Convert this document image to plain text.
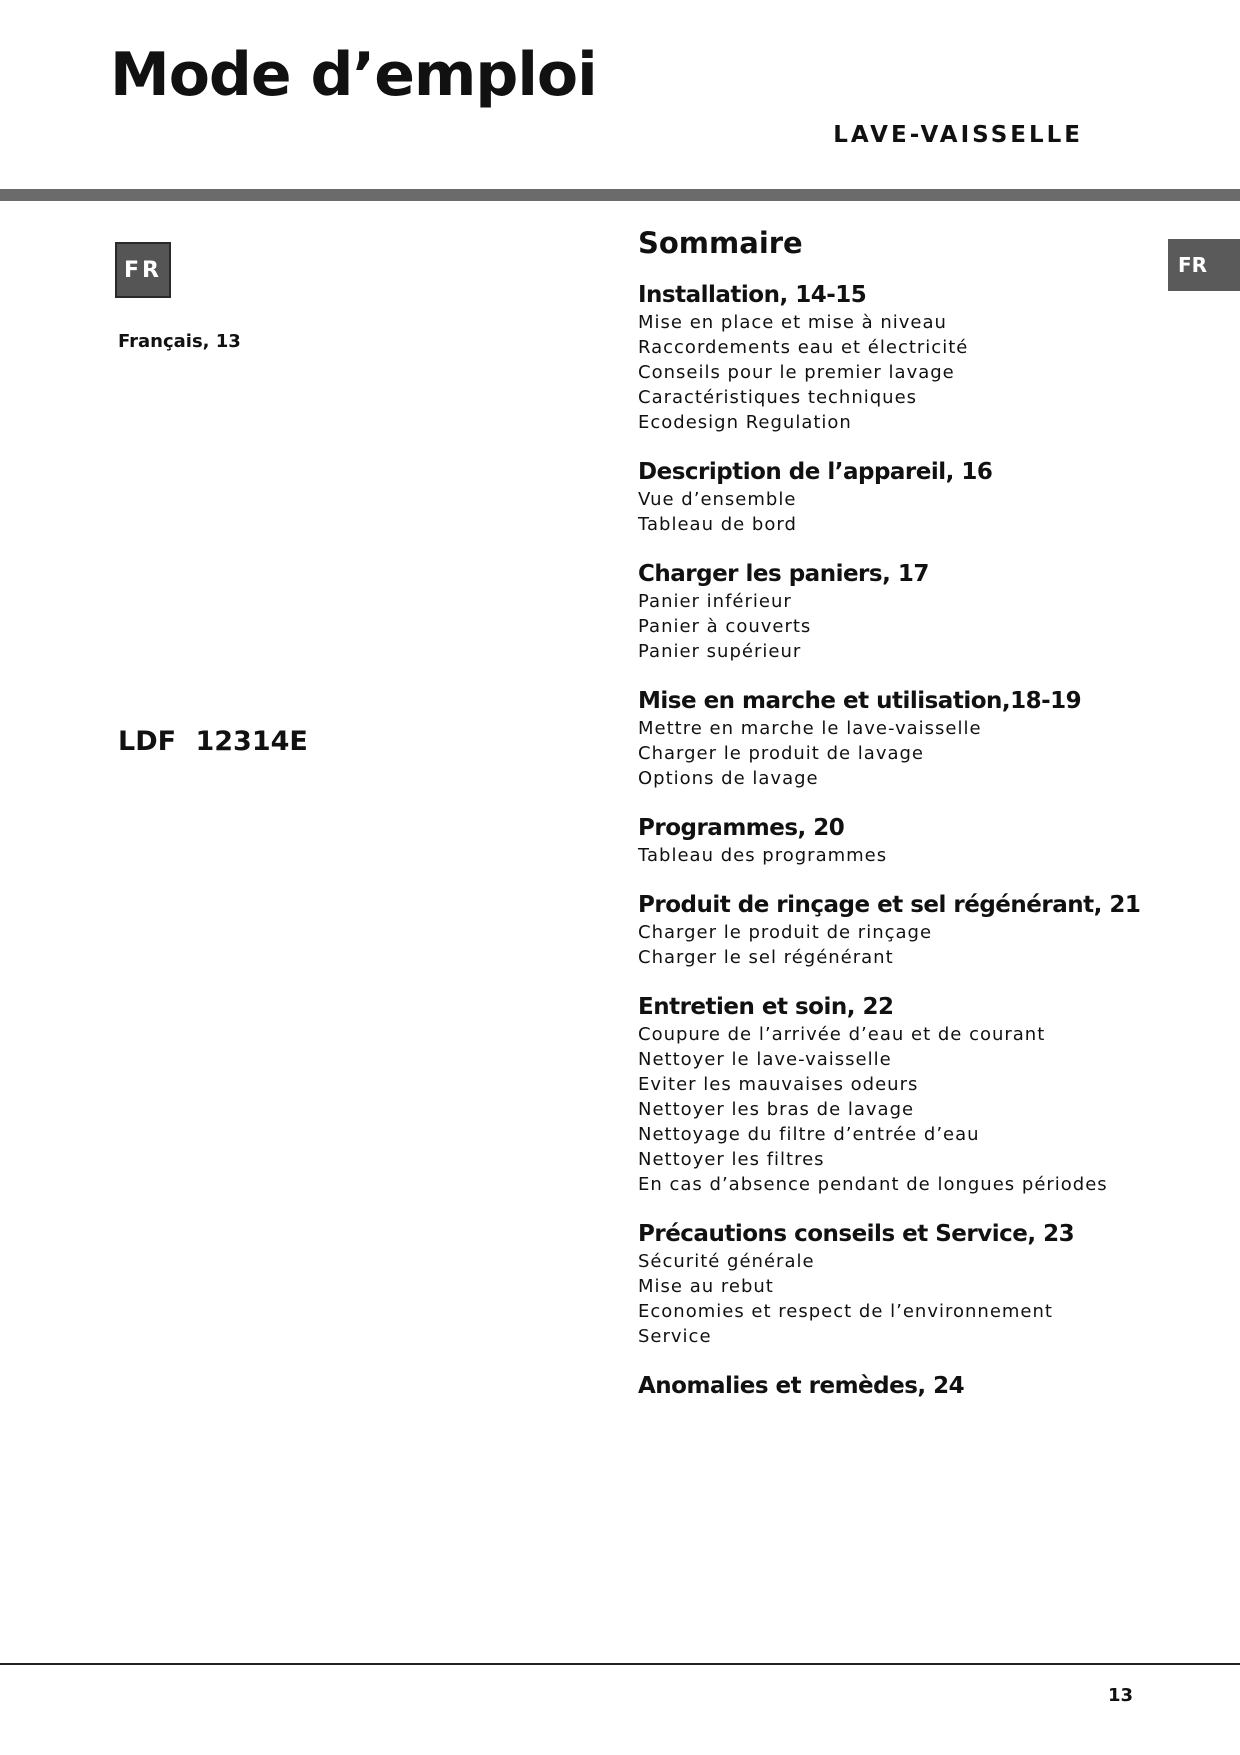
Mode d’emploi
LAVE-VAISSELLE
FR	FR
Français, 13
LDF 12314E
Sommaire
Installation, 14-15
Mise en place et mise à niveau
Raccordements eau et électricité
Conseils pour le premier lavage
Caractéristiques techniques
Ecodesign Regulation
Description de l’appareil, 16
Vue d’ensemble
Tableau de bord
Charger les paniers, 17
Panier inférieur
Panier à couverts
Panier supérieur
Mise en marche et utilisation,18-19
Mettre en marche le lave-vaisselle
Charger le produit de lavage
Options de lavage
Programmes, 20
Tableau des programmes
Produit de rinçage et sel régénérant, 21
Charger le produit de rinçage
Charger le sel régénérant
Entretien et soin, 22
Coupure de l’arrivée d’eau et de courant
Nettoyer le lave-vaisselle
Eviter les mauvaises odeurs
Nettoyer les bras de lavage
Nettoyage du filtre d’entrée d’eau
Nettoyer les filtres
En cas d’absence pendant de longues périodes
Précautions conseils et Service, 23
Sécurité générale
Mise au rebut
Economies et respect de l’environnement
Service
Anomalies et remèdes, 24
13
